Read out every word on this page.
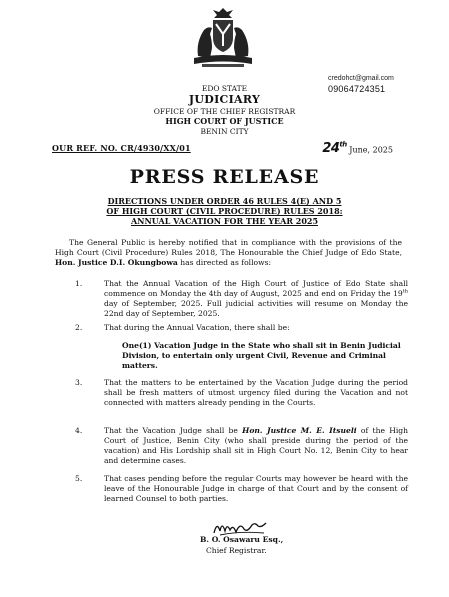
credohct@gmail.com
09064724351
EDO STATE
JUDICIARY
OFFICE OF THE CHIEF REGISTRAR
HIGH COURT OF JUSTICE
BENIN CITY
OUR REF. NO. CR/4930/XX/01	24th June, 2025
PRESS RELEASE
DIRECTIONS UNDER ORDER 46 RULES 4(E) AND 5
OF HIGH COURT (CIVIL PROCEDURE) RULES 2018:
ANNUAL VACATION FOR THE YEAR 2025
The General Public is hereby notified that in compliance with the provisions of the High Court (Civil Procedure) Rules 2018, The Honourable the Chief Judge of Edo State, Hon. Justice D.I. Okungbowa has directed as follows:
1.	That the Annual Vacation of the High Court of Justice of Edo State shall commence on Monday the 4th day of August, 2025 and end on Friday the 19th day of September, 2025. Full judicial activities will resume on Monday the 22nd day of September, 2025.
2.	That during the Annual Vacation, there shall be:
One(1) Vacation Judge in the State who shall sit in Benin Judicial Division, to entertain only urgent Civil, Revenue and Criminal matters.
3.	That the matters to be entertained by the Vacation Judge during the period shall be fresh matters of utmost urgency filed during the Vacation and not connected with matters already pending in the Courts.
4.	That the Vacation Judge shall be Hon. Justice M. E. Itsueli of the High Court of Justice, Benin City (who shall preside during the period of the vacation) and His Lordship shall sit in High Court No. 12, Benin City to hear and determine cases.
5.	That cases pending before the regular Courts may however be heard with the leave of the Honourable Judge in charge of that Court and by the consent of learned Counsel to both parties.
B. O. Osawaru Esq.,
Chief Registrar.
